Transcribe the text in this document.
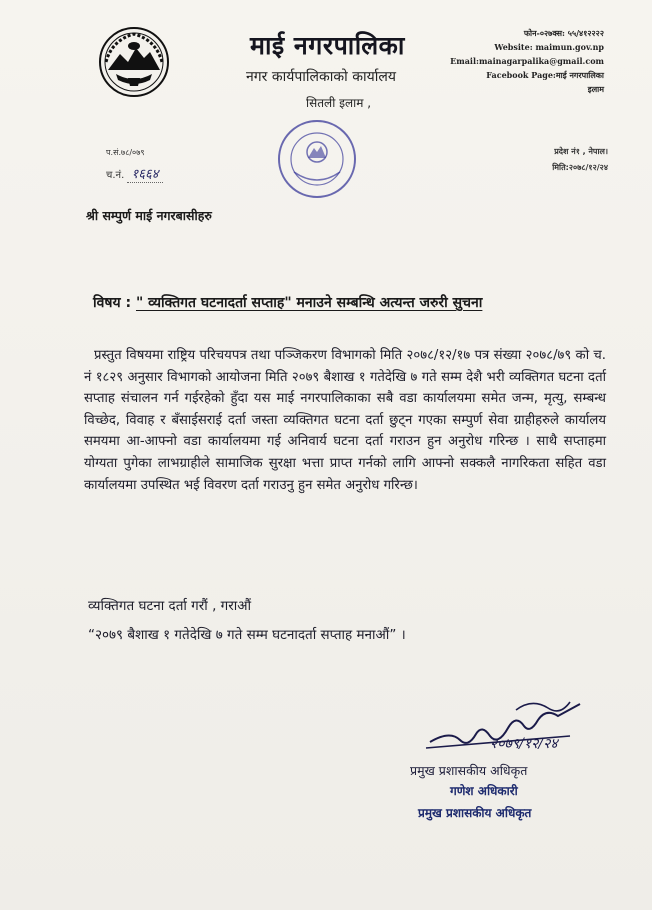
माई नगरपालिका
नगर कार्यपालिकाको कार्यालय
सितली इलाम ,
फोन-०२७क्स: ५५/४१२२२२
Website: maimun.gov.np
Email:mainagarpalika@gmail.com
Facebook Page:माई नगरपालिका
इलाम
प.सं.७८/०७९
च.नं. १६६४
प्रदेश नं१ , नेपाल।
मिति:२०७८/१२/२४
श्री सम्पुर्ण माई नगरबासीहरु
विषय : " व्यक्तिगत घटनादर्ता सप्ताह" मनाउने सम्बन्धि अत्यन्त जरुरी सुचना
प्रस्तुत विषयमा राष्ट्रिय परिचयपत्र तथा पञ्जिकरण विभागको मिति २०७८/१२/१७ पत्र संख्या २०७८/७९ को च. नं १८२९ अनुसार विभागको आयोजना मिति २०७९ बैशाख १ गतेदेखि ७ गते सम्म देशै भरी व्यक्तिगत घटना दर्ता सप्ताह संचालन गर्न गईरहेको हुँदा यस माई नगरपालिकाका सबै वडा कार्यालयमा समेत जन्म, मृत्यु, सम्बन्ध विच्छेद, विवाह र बँसाईसराई दर्ता जस्ता व्यक्तिगत घटना दर्ता छुट्न गएका सम्पुर्ण सेवा ग्राहीहरुले कार्यालय समयमा आ-आफ्नो वडा कार्यालयमा गई अनिवार्य घटना दर्ता गराउन हुन अनुरोध गरिन्छ । साथै सप्ताहमा योग्यता पुगेका लाभग्राहीले सामाजिक सुरक्षा भत्ता प्राप्त गर्नको लागि आफ्नो सक्कलै नागरिकता सहित वडा कार्यालयमा उपस्थित भई विवरण दर्ता गराउनु हुन समेत अनुरोध गरिन्छ।
व्यक्तिगत घटना दर्ता गरौं , गराऔं
“२०७९ बैशाख १ गतेदेखि ७ गते सम्म घटनादर्ता सप्ताह मनाऔं” ।
२०७९/१२/२४
प्रमुख प्रशासकीय अधिकृत
गणेश अधिकारी
प्रमुख प्रशासकीय अधिकृत
